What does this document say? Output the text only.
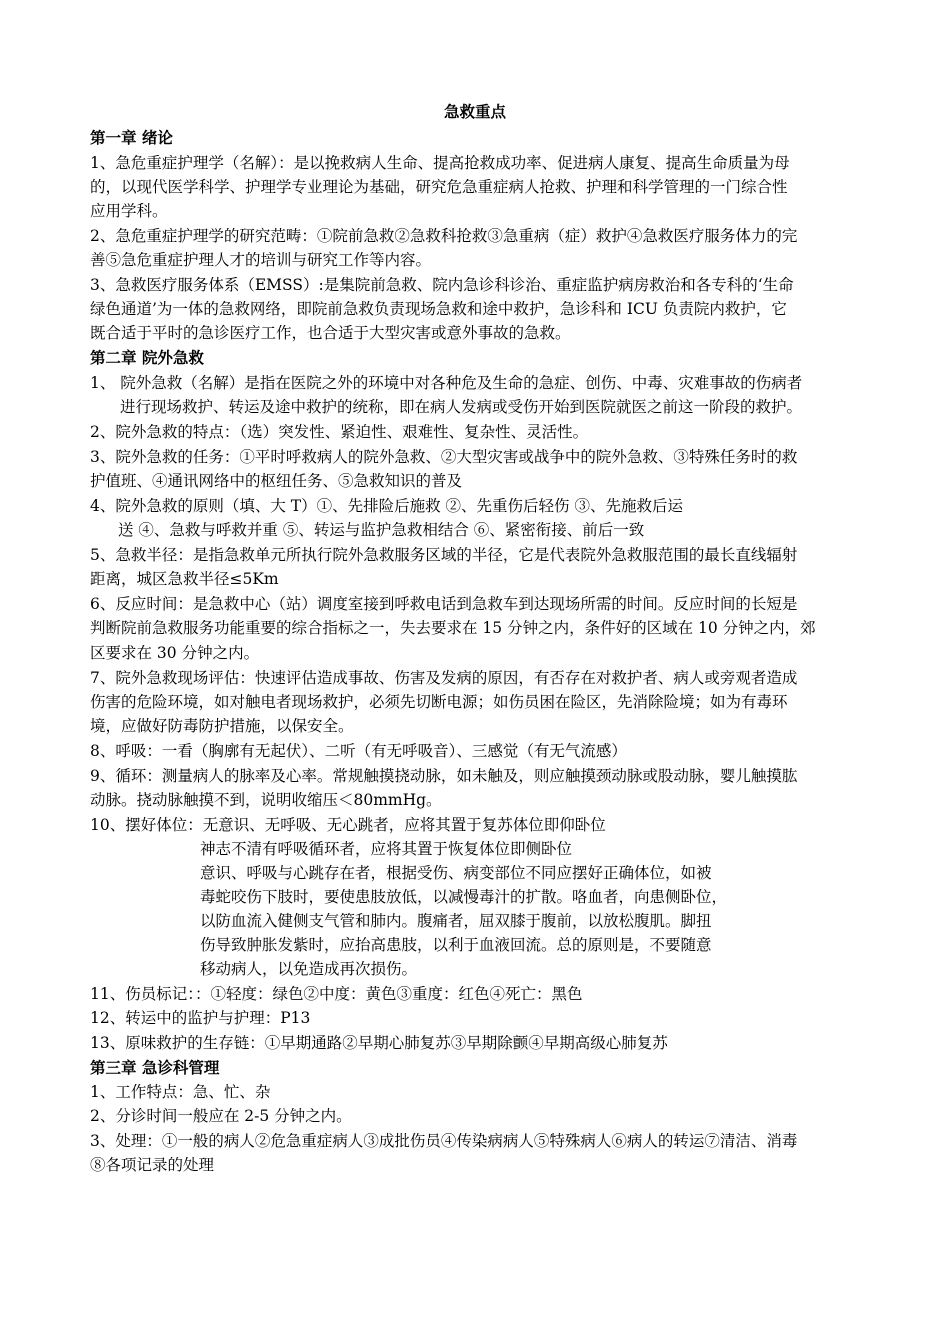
急救重点
第一章 绪论
1、急危重症护理学（名解）：是以挽救病人生命、提高抢救成功率、促进病人康复、提高生命质量为母
的，以现代医学科学、护理学专业理论为基础，研究危急重症病人抢救、护理和科学管理的一门综合性
应用学科。
2、急危重症护理学的研究范畴：①院前急救②急救科抢救③急重病（症）救护④急救医疗服务体力的完
善⑤急危重症护理人才的培训与研究工作等内容。
3、急救医疗服务体系（EMSS）:是集院前急救、院内急诊科诊治、重症监护病房救治和各专科的‘生命
绿色通道’为一体的急救网络，即院前急救负责现场急救和途中救护，急诊科和 ICU 负责院内救护，它
既合适于平时的急诊医疗工作，也合适于大型灾害或意外事故的急救。
第二章 院外急救
1、 院外急救（名解）是指在医院之外的环境中对各种危及生命的急症、创伤、中毒、灾难事故的伤病者
进行现场救护、转运及途中救护的统称，即在病人发病或受伤开始到医院就医之前这一阶段的救护。
2、院外急救的特点：（选）突发性、紧迫性、艰难性、复杂性、灵活性。
3、院外急救的任务：①平时呼救病人的院外急救、②大型灾害或战争中的院外急救、③特殊任务时的救
护值班、④通讯网络中的枢纽任务、⑤急救知识的普及
4、院外急救的原则（填、大 T）①、先排险后施救 ②、先重伤后轻伤 ③、先施救后运
送 ④、急救与呼救并重 ⑤、转运与监护急救相结合 ⑥、紧密衔接、前后一致
5、急救半径：是指急救单元所执行院外急救服务区域的半径，它是代表院外急救服范围的最长直线辐射
距离，城区急救半径≤5Km
6、反应时间：是急救中心（站）调度室接到呼救电话到急救车到达现场所需的时间。反应时间的长短是
判断院前急救服务功能重要的综合指标之一，失去要求在 15 分钟之内，条件好的区域在 10 分钟之内，郊
区要求在 30 分钟之内。
7、院外急救现场评估：快速评估造成事故、伤害及发病的原因，有否存在对救护者、病人或旁观者造成
伤害的危险环境，如对触电者现场救护，必须先切断电源；如伤员困在险区，先消除险境；如为有毒环
境，应做好防毒防护措施，以保安全。
8、呼吸：一看（胸廓有无起伏）、二听（有无呼吸音）、三感觉（有无气流感）
9、循环：测量病人的脉率及心率。常规触摸挠动脉，如未触及，则应触摸颈动脉或股动脉，婴儿触摸肱
动脉。挠动脉触摸不到，说明收缩压＜80mmHg。
10、摆好体位：无意识、无呼吸、无心跳者，应将其置于复苏体位即仰卧位
神志不清有呼吸循环者，应将其置于恢复体位即侧卧位
意识、呼吸与心跳存在者，根据受伤、病变部位不同应摆好正确体位，如被
毒蛇咬伤下肢时，要使患肢放低，以减慢毒汁的扩散。咯血者，向患侧卧位，
以防血流入健侧支气管和肺内。腹痛者，屈双膝于腹前，以放松腹肌。脚扭
伤导致肿胀发紫时，应抬高患肢，以利于血液回流。总的原则是，不要随意
移动病人，以免造成再次损伤。
11、伤员标记：：①轻度：绿色②中度：黄色③重度：红色④死亡：黑色
12、转运中的监护与护理：P13
13、原味救护的生存链：①早期通路②早期心肺复苏③早期除颤④早期高级心肺复苏
第三章 急诊科管理
1、工作特点：急、忙、杂
2、分诊时间一般应在 2-5 分钟之内。
3、处理：①一般的病人②危急重症病人③成批伤员④传染病病人⑤特殊病人⑥病人的转运⑦清洁、消毒
⑧各项记录的处理
